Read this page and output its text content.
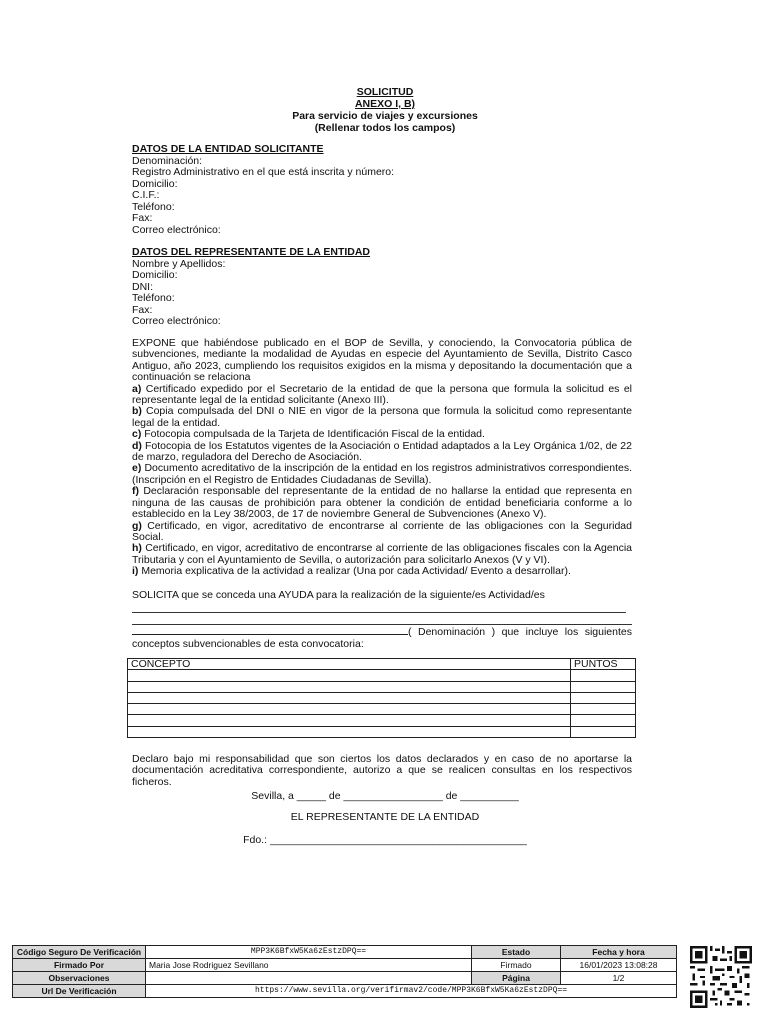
SOLICITUD
ANEXO I, B)
Para servicio de viajes y excursiones
(Rellenar todos los campos)
DATOS DE LA ENTIDAD SOLICITANTE
Denominación:
Registro Administrativo en el que está inscrita y número:
Domicilio:
C.I.F.:
Teléfono:
Fax:
Correo electrónico:
DATOS DEL REPRESENTANTE DE LA ENTIDAD
Nombre y Apellidos:
Domicilio:
DNI:
Teléfono:
Fax:
Correo electrónico:

EXPONE que habiéndose publicado en el BOP de Sevilla, y conociendo, la Convocatoria pública de subvenciones, mediante la modalidad de Ayudas en especie del Ayuntamiento de Sevilla, Distrito Casco Antiguo, año 2023, cumpliendo los requisitos exigidos en la misma y depositando la documentación que a continuación se relaciona

a) Certificado expedido por el Secretario de la entidad de que la persona que formula la solicitud es el representante legal de la entidad solicitante (Anexo III).

b) Copia compulsada del DNI o NIE en vigor de la persona que formula la solicitud como representante legal de la entidad.

c) Fotocopia compulsada de la Tarjeta de Identificación Fiscal de la entidad.

d) Fotocopia de los Estatutos vigentes de la Asociación o Entidad adaptados a la Ley Orgánica 1/02, de 22 de marzo, reguladora del Derecho de Asociación.

e) Documento acreditativo de la inscripción de la entidad en los registros administrativos correspondientes. (Inscripción en el Registro de Entidades Ciudadanas de Sevilla).

f) Declaración responsable del representante de la entidad de no hallarse la entidad que representa en ninguna de las causas de prohibición para obtener la condición de entidad beneficiaria conforme a lo establecido en la Ley 38/2003, de 17 de noviembre General de Subvenciones (Anexo V).

g) Certificado, en vigor, acreditativo de encontrarse al corriente de las obligaciones con la Seguridad Social.

h) Certificado, en vigor, acreditativo de encontrarse al corriente de las obligaciones fiscales con la Agencia Tributaria y con el Ayuntamiento de Sevilla, o autorización para solicitarlo Anexos (V y VI).

i) Memoria explicativa de la actividad a realizar (Una por cada Actividad/ Evento a desarrollar).

SOLICITA que se conceda una AYUDA para la realización de la siguiente/es Actividad/es

( Denominación ) que incluye los siguientes conceptos subvencionables de esta convocatoria:

CONCEPTO	PUNTOS

Declaro bajo mi responsabilidad que son ciertos los datos declarados y en caso de no aportarse la documentación acreditativa correspondiente, autorizo a que se realicen consultas en los respectivos ficheros.
Sevilla, a _____ de _________________ de __________
EL REPRESENTANTE DE LA ENTIDAD
Fdo.: ____________________________________________
Código Seguro De Verificación	MPP3K6BfxW5Ka6zEstzDPQ==	Estado	Fecha y hora
Firmado Por	Maria Jose Rodriguez Sevillano	Firmado	16/01/2023 13:08:28
Observaciones		Página	1/2
Url De Verificación	https://www.sevilla.org/verifirmav2/code/MPP3K6BfxW5Ka6zEstzDPQ==		
